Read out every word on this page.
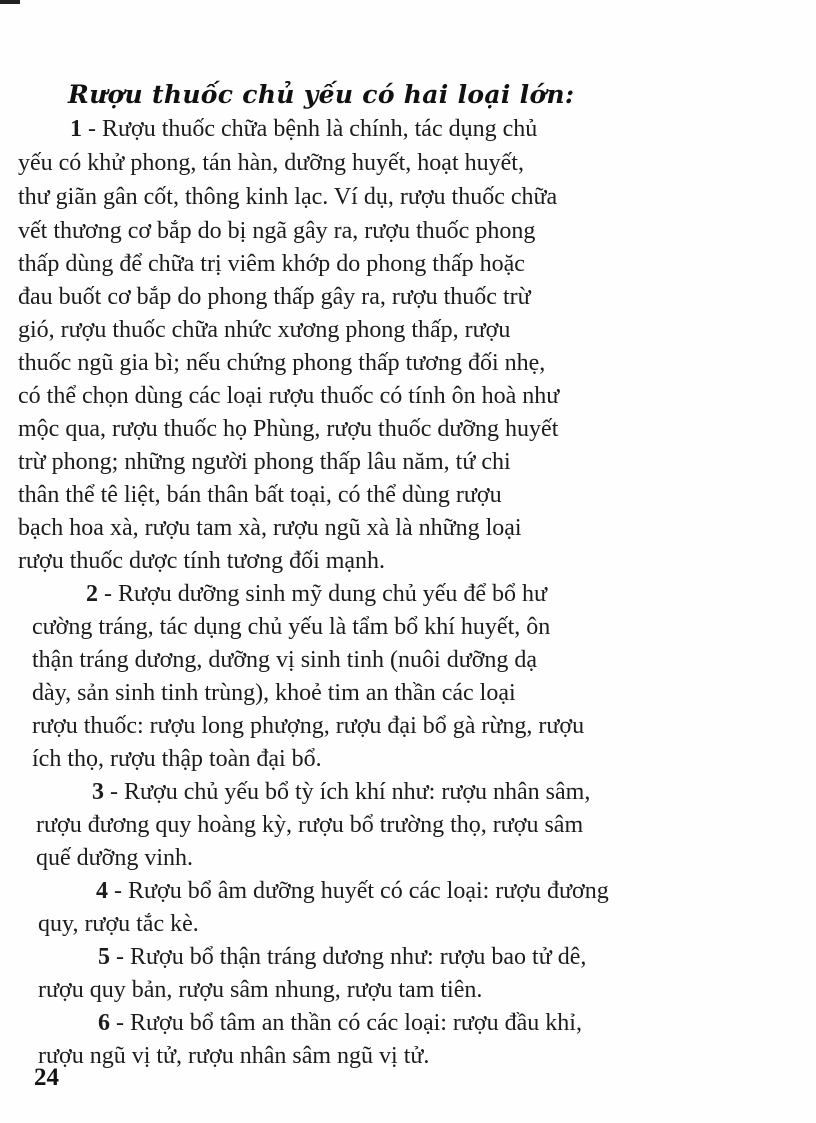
Rượu thuốc chủ yếu có hai loại lớn:
1 - Rượu thuốc chữa bệnh là chính, tác dụng chủ
yếu có khử phong, tán hàn, dưỡng huyết, hoạt huyết,
thư giãn gân cốt, thông kinh lạc. Ví dụ, rượu thuốc chữa
vết thương cơ bắp do bị ngã gây ra, rượu thuốc phong
thấp dùng để chữa trị viêm khớp do phong thấp hoặc
đau buốt cơ bắp do phong thấp gây ra, rượu thuốc trừ
gió, rượu thuốc chữa nhức xương phong thấp, rượu
thuốc ngũ gia bì; nếu chứng phong thấp tương đối nhẹ,
có thể chọn dùng các loại rượu thuốc có tính ôn hoà như
mộc qua, rượu thuốc họ Phùng, rượu thuốc dưỡng huyết
trừ phong; những người phong thấp lâu năm, tứ chi
thân thể tê liệt, bán thân bất toại, có thể dùng rượu
bạch hoa xà, rượu tam xà, rượu ngũ xà là những loại
rượu thuốc dược tính tương đối mạnh.
2 - Rượu dưỡng sinh mỹ dung chủ yếu để bổ hư
cường tráng, tác dụng chủ yếu là tẩm bổ khí huyết, ôn
thận tráng dương, dưỡng vị sinh tinh (nuôi dưỡng dạ
dày, sản sinh tinh trùng), khoẻ tim an thần các loại
rượu thuốc: rượu long phượng, rượu đại bổ gà rừng, rượu
ích thọ, rượu thập toàn đại bổ.
3 - Rượu chủ yếu bổ tỳ ích khí như: rượu nhân sâm,
rượu đương quy hoàng kỳ, rượu bổ trường thọ, rượu sâm
quế dưỡng vinh.
4 - Rượu bổ âm dưỡng huyết có các loại: rượu đương
quy, rượu tắc kè.
5 - Rượu bổ thận tráng dương như: rượu bao tử dê,
rượu quy bản, rượu sâm nhung, rượu tam tiên.
6 - Rượu bổ tâm an thần có các loại: rượu đầu khỉ,
rượu ngũ vị tử, rượu nhân sâm ngũ vị tử.
24
